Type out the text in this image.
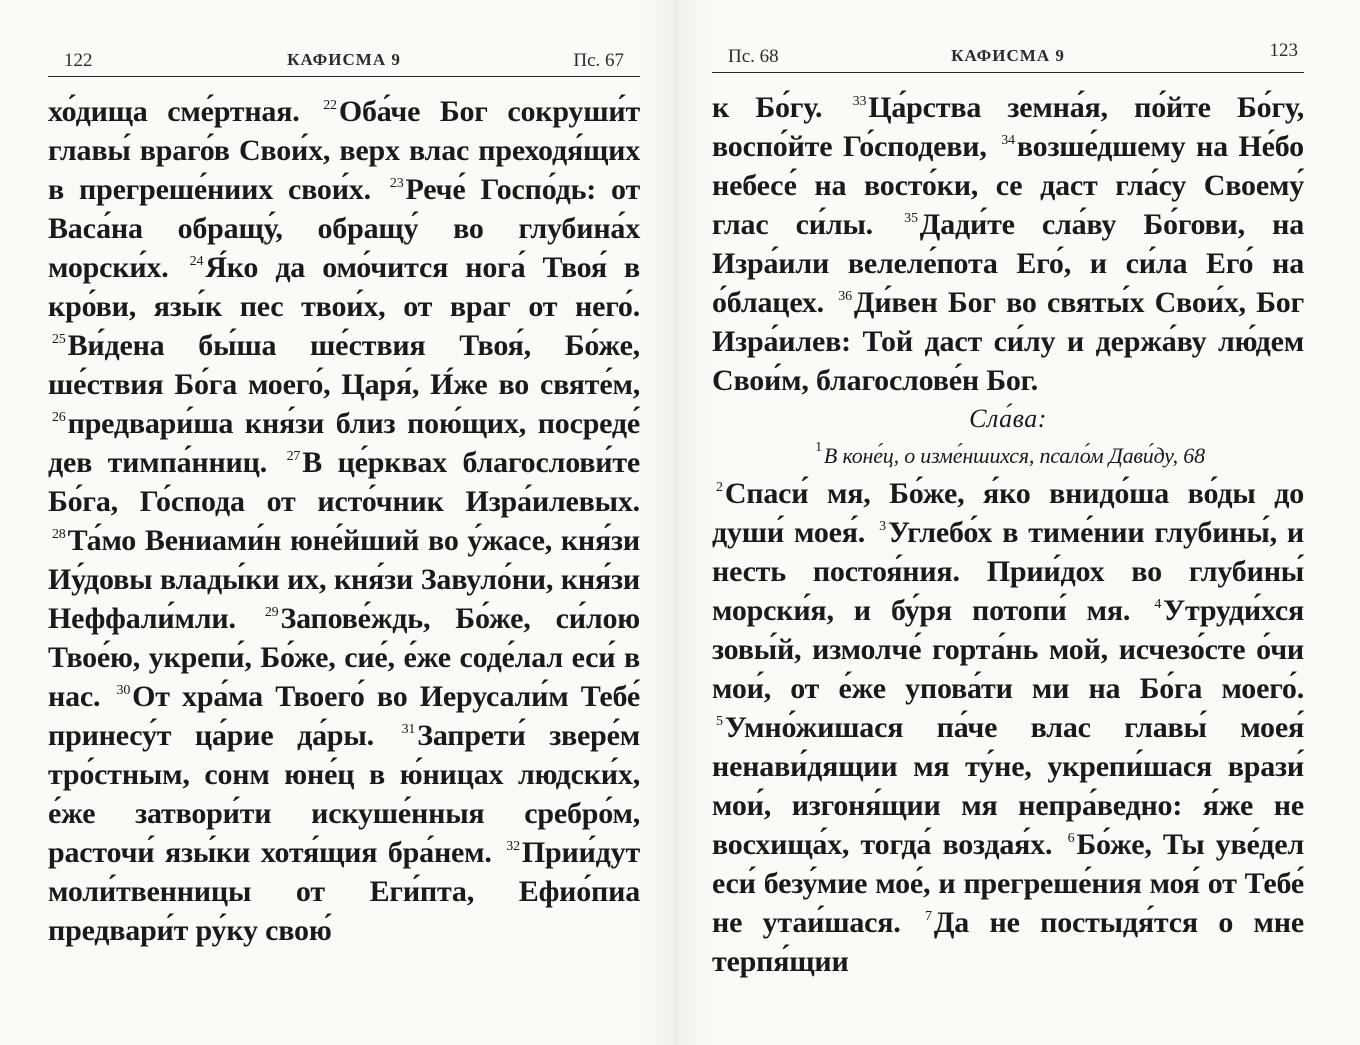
122	КАФИСМА 9	Пс. 67

хо́дища сме́ртная. $^{22}$Оба́че Бог сокруши́т главы́ враго́в Свои́х, верх влас преходя́щих в прегреше́ниих свои́х. $^{23}$Рече́ Госпо́дь: от Васа́на обращу́, обращу́ во глубина́х морски́х. $^{24}$Я́ко да омо́чится нога́ Твоя́ в кро́ви, язы́к пес твои́х, от враг от него́. $^{25}$Ви́дена бы́ша ше́ствия Твоя́, Бо́же, ше́ствия Бо́га моего́, Царя́, И́же во святе́м, $^{26}$предвари́ша кня́зи близ пою́щих, посреде́ дев тимпа́нниц. $^{27}$В це́рквах благослови́те Бо́га, Го́спода от исто́чник Изра́илевых. $^{28}$Та́мо Вениами́н юне́йший во у́жасе, кня́зи Иу́довы влады́ки их, кня́зи Завуло́ни, кня́зи Неффали́мли. $^{29}$Запове́ждь, Бо́же, си́лою Твое́ю, укрепи́, Бо́же, сие́, е́же соде́лал еси́ в нас. $^{30}$От хра́ма Твоего́ во Иерусали́м Тебе́ принесу́т ца́рие да́ры. $^{31}$Запрети́ звере́м тро́стным, сонм юне́ц в ю́ницах людски́х, е́же затвори́ти искуше́нныя сребро́м, расточи́ язы́ки хотя́щия бра́нем. $^{32}$Прии́дут моли́твенницы от Еги́пта, Ефио́пиа предвари́т ру́ку свою́

Пс. 68	КАФИСМА 9	123

к Бо́гу. $^{33}$Ца́рства земна́я, по́йте Бо́гу, воспо́йте Го́сподеви, $^{34}$возше́дшему на Не́бо небесе́ на восто́ки, се даст гла́су Своему́ глас си́лы. $^{35}$Дади́те сла́ву Бо́гови, на Изра́или велеле́пота Его́, и си́ла Его́ на о́блацех. $^{36}$Ди́вен Бог во святы́х Свои́х, Бог Изра́илев: Той даст си́лу и держа́ву лю́дем Свои́м, благослове́н Бог.

Сла́ва:

$^1$В коне́ц, о изме́ншихся, псало́м Дави́ду, 68

$^2$Спаси́ мя, Бо́же, я́ко внидо́ша во́ды до души́ моея́. $^3$Углебо́х в тиме́нии глубины́, и несть постоя́ния. Прии́дох во глубины́ морски́я, и бу́ря потопи́ мя. $^4$Утруди́хся зовы́й, измолче́ горта́нь мой, исчезо́сте о́чи мои́, от е́же упова́ти ми на Бо́га моего́. $^5$Умно́жишася па́че влас главы́ моея́ ненави́дящии мя ту́не, укрепи́шася врази́ мои́, изгоня́щии мя непра́ведно: я́же не восхища́х, тогда́ воздая́х. $^6$Бо́же, Ты уве́дел еси́ безу́мие мое́, и прегреше́ния моя́ от Тебе́ не утаи́шася. $^7$Да не постыдя́тся о мне терпя́щии
